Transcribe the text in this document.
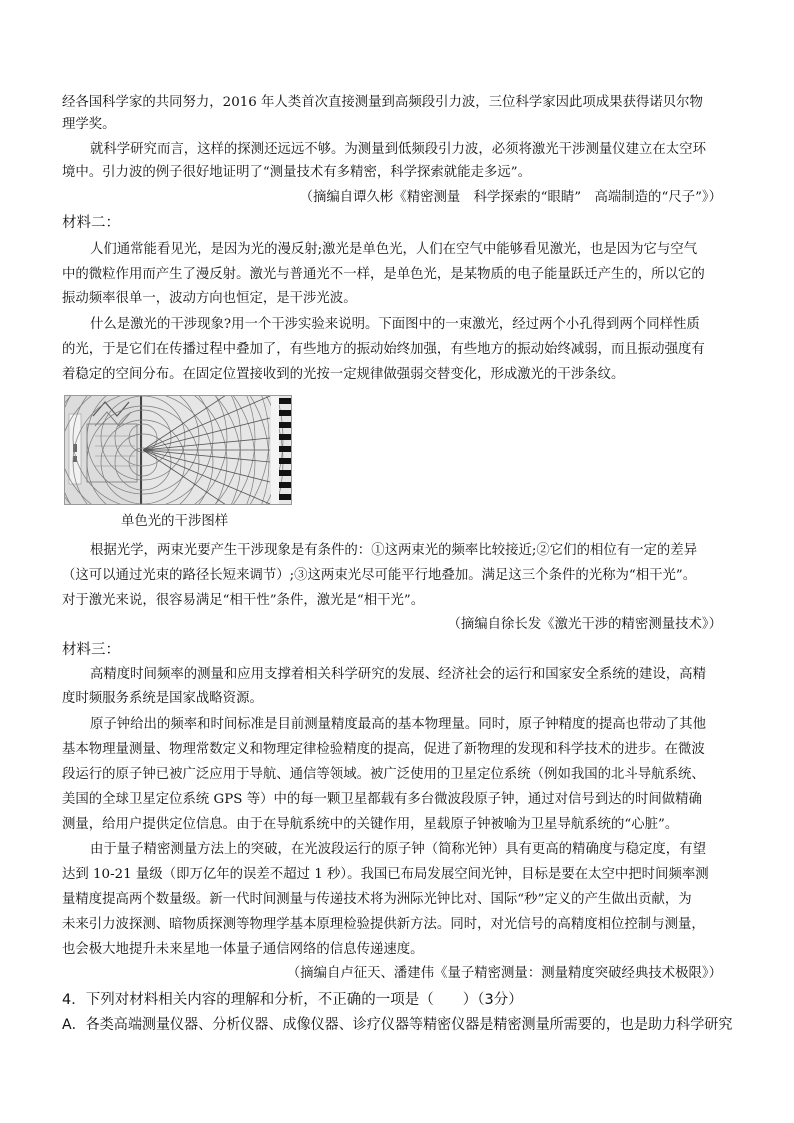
经各国科学家的共同努力，2016 年人类首次直接测量到高频段引力波，三位科学家因此项成果获得诺贝尔物
理学奖。
就科学研究而言，这样的探测还远远不够。为测量到低频段引力波，必须将激光干涉测量仪建立在太空环
境中。引力波的例子很好地证明了“测量技术有多精密，科学探索就能走多远”。
（摘编自谭久彬《精密测量　科学探索的“眼睛”　高端制造的“尺子”》）
材料二：
人们通常能看见光，是因为光的漫反射;激光是单色光，人们在空气中能够看见激光，也是因为它与空气
中的微粒作用而产生了漫反射。激光与普通光不一样，是单色光，是某物质的电子能量跃迁产生的，所以它的
振动频率很单一，波动方向也恒定，是干涉光波。
什么是激光的干涉现象?用一个干涉实验来说明。下面图中的一束激光，经过两个小孔得到两个同样性质
的光，于是它们在传播过程中叠加了，有些地方的振动始终加强，有些地方的振动始终减弱，而且振动强度有
着稳定的空间分布。在固定位置接收到的光按一定规律做强弱交替变化，形成激光的干涉条纹。
单色光的干涉图样
根据光学，两束光要产生干涉现象是有条件的：①这两束光的频率比较接近;②它们的相位有一定的差异
（这可以通过光束的路径长短来调节）;③这两束光尽可能平行地叠加。满足这三个条件的光称为“相干光”。
对于激光来说，很容易满足“相干性”条件，激光是“相干光”。
（摘编自徐长发《激光干涉的精密测量技术》）
材料三：
高精度时间频率的测量和应用支撑着相关科学研究的发展、经济社会的运行和国家安全系统的建设，高精
度时频服务系统是国家战略资源。
原子钟给出的频率和时间标准是目前测量精度最高的基本物理量。同时，原子钟精度的提高也带动了其他
基本物理量测量、物理常数定义和物理定律检验精度的提高，促进了新物理的发现和科学技术的进步。在微波
段运行的原子钟已被广泛应用于导航、通信等领域。被广泛使用的卫星定位系统（例如我国的北斗导航系统、
美国的全球卫星定位系统 GPS 等）中的每一颗卫星都载有多台微波段原子钟，通过对信号到达的时间做精确
测量，给用户提供定位信息。由于在导航系统中的关键作用，星载原子钟被喻为卫星导航系统的“心脏”。
由于量子精密测量方法上的突破，在光波段运行的原子钟（简称光钟）具有更高的精确度与稳定度，有望
达到 10-21 量级（即万亿年的误差不超过 1 秒）。我国已布局发展空间光钟，目标是要在太空中把时间频率测
量精度提高两个数量级。新一代时间测量与传递技术将为洲际光钟比对、国际“秒”定义的产生做出贡献，为
未来引力波探测、暗物质探测等物理学基本原理检验提供新方法。同时，对光信号的高精度相位控制与测量，
也会极大地提升未来星地一体量子通信网络的信息传递速度。
（摘编自卢征天、潘建伟《量子精密测量：测量精度突破经典技术极限》）
4．下列对材料相关内容的理解和分析，不正确的一项是（　　）（3分）
A．各类高端测量仪器、分析仪器、成像仪器、诊疗仪器等精密仪器是精密测量所需要的，也是助力科学研究
